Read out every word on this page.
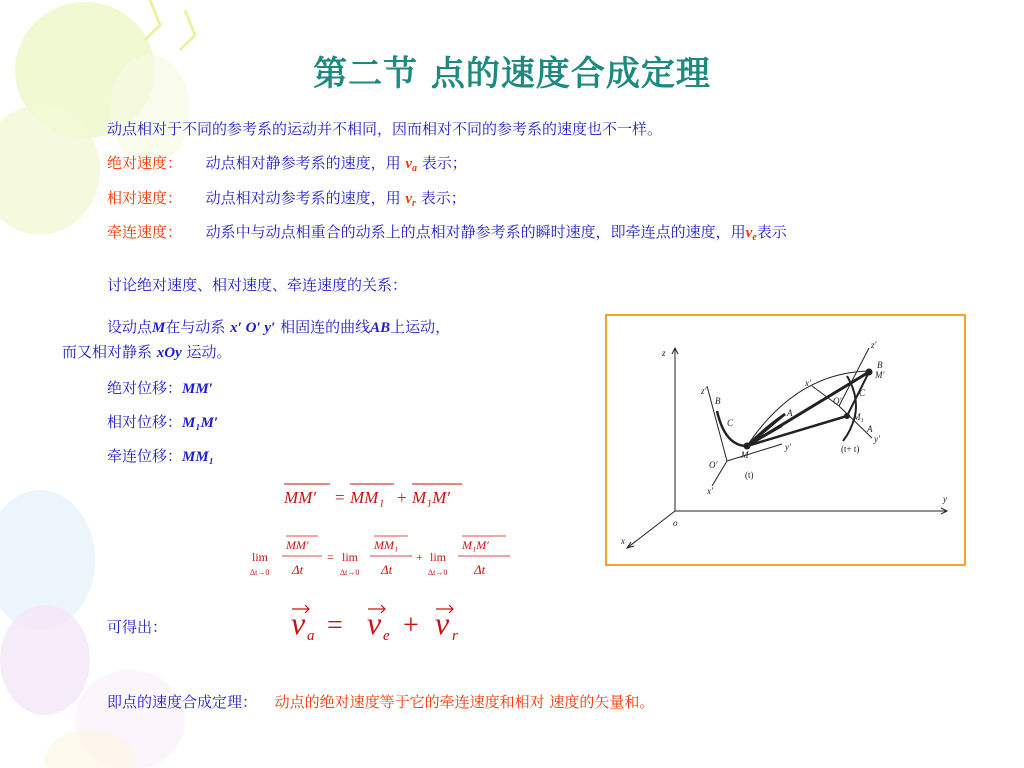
第二节 点的速度合成定理
动点相对于不同的参考系的运动并不相同，因而相对不同的参考系的速度也不一样。
绝对速度： 动点相对静参考系的速度，用 $v_a$ 表示；
相对速度： 动点相对动参考系的速度，用 $v_r$ 表示；
牵连速度： 动系中与动点相重合的动系上的点相对静参考系的瞬时速度，即牵连点的速度，用$v_e$表示
讨论绝对速度、相对速度、牵连速度的关系：
设动点M在与动系 x′ O′ y′ 相固连的曲线AB上运动，
而又相对静系 xOy 运动。
绝对位移：MM′
相对位移：M₁M′
牵连位移：MM₁
MM′ = MM₁ + M₁M′
lim
Δt→0
MM′
Δt
= lim
Δt→0
MM₁
Δt
+ lim
Δt→0
M₁M′
Δt
可得出：	v a = v e + v r
即点的速度合成定理： 动点的绝对速度等于它的牵连速度和相对 速度的矢量和。
z
y
x
o
z′
z′
x′
x′
y′
y′
O′
O′
B
B
C
C
M
A
A
M′
M₁
(t)
(t+ t)
